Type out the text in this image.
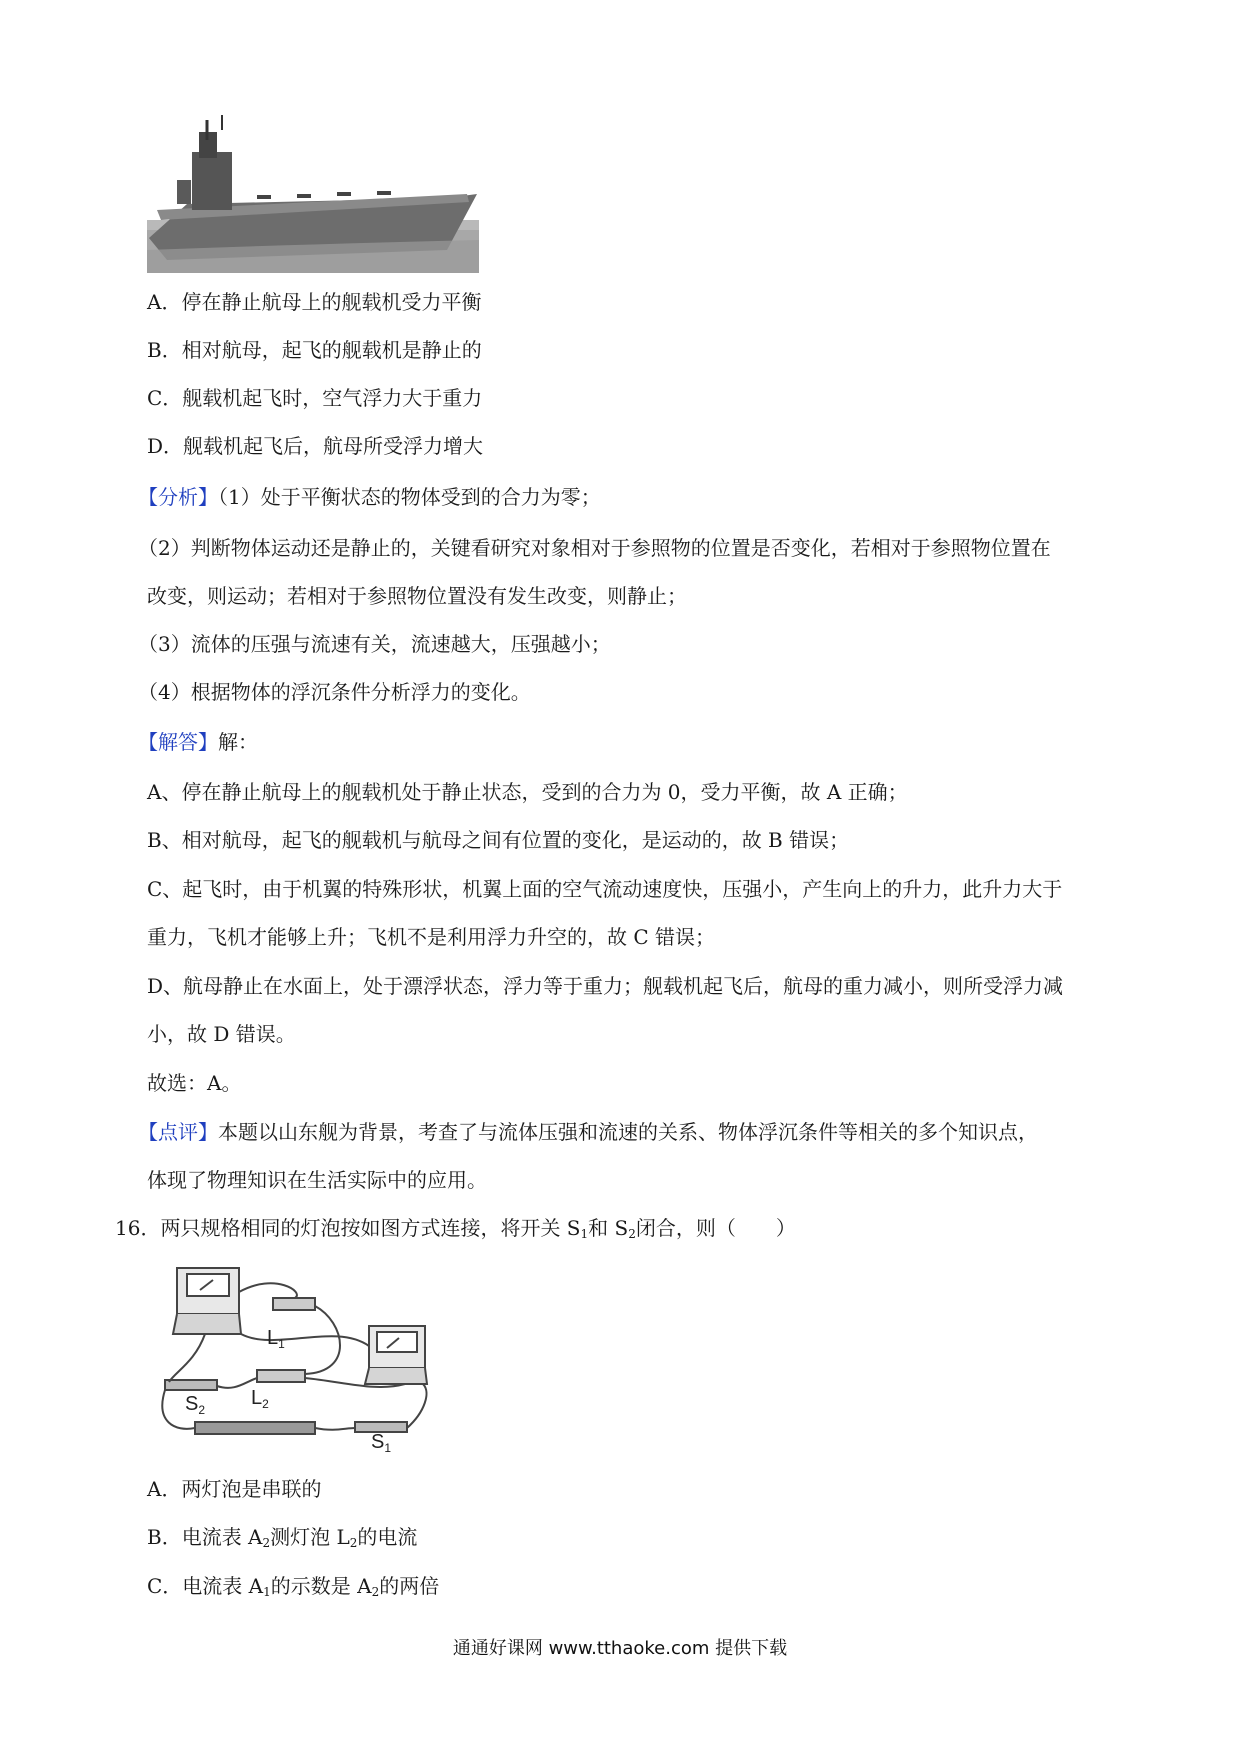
A．停在静止航母上的舰载机受力平衡
B．相对航母，起飞的舰载机是静止的
C．舰载机起飞时，空气浮力大于重力
D．舰载机起飞后，航母所受浮力增大
【分析】（1）处于平衡状态的物体受到的合力为零；
（2）判断物体运动还是静止的，关键看研究对象相对于参照物的位置是否变化，若相对于参照物位置在
改变，则运动；若相对于参照物位置没有发生改变，则静止；
（3）流体的压强与流速有关，流速越大，压强越小；
（4）根据物体的浮沉条件分析浮力的变化。
【解答】解：
A、停在静止航母上的舰载机处于静止状态，受到的合力为 0，受力平衡，故 A 正确；
B、相对航母，起飞的舰载机与航母之间有位置的变化，是运动的，故 B 错误；
C、起飞时，由于机翼的特殊形状，机翼上面的空气流动速度快，压强小，产生向上的升力，此升力大于
重力，飞机才能够上升；飞机不是利用浮力升空的，故 C 错误；
D、航母静止在水面上，处于漂浮状态，浮力等于重力；舰载机起飞后，航母的重力减小，则所受浮力减
小，故 D 错误。
故选：A。
【点评】本题以山东舰为背景，考查了与流体压强和流速的关系、物体浮沉条件等相关的多个知识点，
体现了物理知识在生活实际中的应用。
16．两只规格相同的灯泡按如图方式连接，将开关 $S_1$和 $S_2$闭合，则（　　）
$L_1$
$L_2$
$S_2$
$S_1$
A．两灯泡是串联的
B．电流表 $A_2$测灯泡 $L_2$的电流
C．电流表 $A_1$的示数是 $A_2$的两倍
通通好课网 www.tthaoke.com 提供下载
